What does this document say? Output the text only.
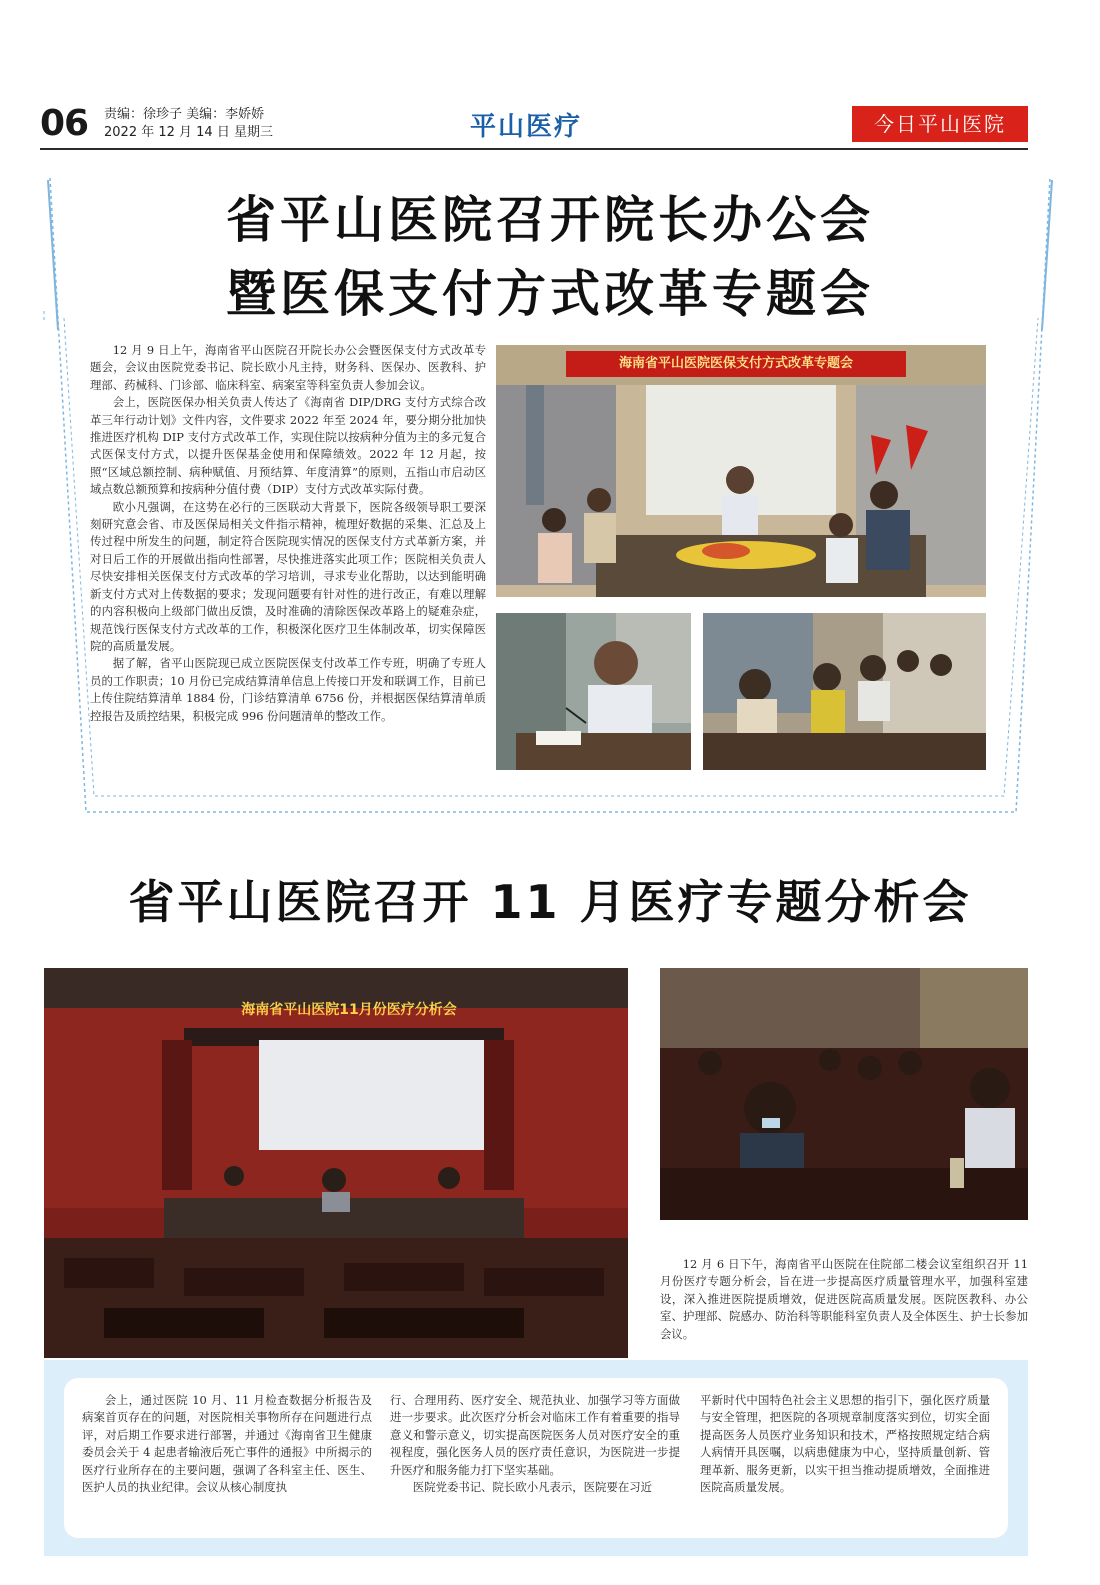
06 责编：徐珍子 美编：李娇娇
2022 年 12 月 14 日 星期三	平山医疗	今日平山医院
省平山医院召开院长办公会
暨医保支付方式改革专题会

12 月 9 日上午，海南省平山医院召开院长办公会暨医保支付方式改革专题会，会议由医院党委书记、院长欧小凡主持，财务科、医保办、医教科、护理部、药械科、门诊部、临床科室、病案室等科室负责人参加会议。

会上，医院医保办相关负责人传达了《海南省 DIP/DRG 支付方式综合改革三年行动计划》文件内容，文件要求 2022 年至 2024 年，要分期分批加快推进医疗机构 DIP 支付方式改革工作，实现住院以按病种分值为主的多元复合式医保支付方式，以提升医保基金使用和保障绩效。2022 年 12 月起，按照“区域总额控制、病种赋值、月预结算、年度清算”的原则，五指山市启动区域点数总额预算和按病种分值付费（DIP）支付方式改革实际付费。

欧小凡强调，在这势在必行的三医联动大背景下，医院各级领导职工要深刻研究意会省、市及医保局相关文件指示精神，梳理好数据的采集、汇总及上传过程中所发生的问题，制定符合医院现实情况的医保支付方式革新方案，并对日后工作的开展做出指向性部署，尽快推进落实此项工作；医院相关负责人尽快安排相关医保支付方式改革的学习培训，寻求专业化帮助，以达到能明确新支付方式对上传数据的要求；发现问题要有针对性的进行改正，有难以理解的内容积极向上级部门做出反馈，及时准确的清除医保改革路上的疑难杂症，规范饯行医保支付方式改革的工作，积极深化医疗卫生体制改革，切实保障医院的高质量发展。

据了解，省平山医院现已成立医院医保支付改革工作专班，明确了专班人员的工作职责；10 月份已完成结算清单信息上传接口开发和联调工作，目前已上传住院结算清单 1884 份，门诊结算清单 6756 份，并根据医保结算清单质控报告及质控结果，积极完成 996 份问题清单的整改工作。

海南省平山医院医保支付方式改革专题会
省平山医院召开 11 月医疗专题分析会
海南省平山医院11月份医疗分析会

12 月 6 日下午，海南省平山医院在住院部二楼会议室组织召开 11 月份医疗专题分析会，旨在进一步提高医疗质量管理水平，加强科室建设，深入推进医院提质增效，促进医院高质量发展。医院医教科、办公室、护理部、院感办、防治科等职能科室负责人及全体医生、护士长参加会议。

会上，通过医院 10 月、11 月检查数据分析报告及病案首页存在的问题，对医院相关事物所存在问题进行点评，对后期工作要求进行部署，并通过《海南省卫生健康委员会关于 4 起患者输液后死亡事件的通报》中所揭示的医疗行业所存在的主要问题，强调了各科室主任、医生、医护人员的执业纪律。会议从核心制度执

行、合理用药、医疗安全、规范执业、加强学习等方面做进一步要求。此次医疗分析会对临床工作有着重要的指导意义和警示意义，切实提高医院医务人员对医疗安全的重视程度，强化医务人员的医疗责任意识，为医院进一步提升医疗和服务能力打下坚实基础。

医院党委书记、院长欧小凡表示，医院要在习近

平新时代中国特色社会主义思想的指引下，强化医疗质量与安全管理，把医院的各项规章制度落实到位，切实全面提高医务人员医疗业务知识和技术，严格按照规定结合病人病情开具医嘱，以病患健康为中心，坚持质量创新、管理革新、服务更新，以实干担当推动提质增效，全面推进医院高质量发展。
